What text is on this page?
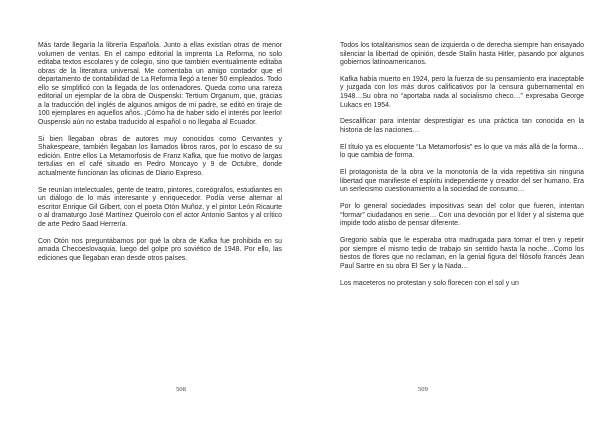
Más tarde llegaría la librería Española. Junto a ellas existían otras de menor volumen de ventas. En el campo editorial la imprenta La Reforma, no solo editaba textos escolares y de colegio, sino que también eventualmente editaba obras de la literatura universal. Me comentaba un amigo contador que el departamento de contabilidad de La Reforma llegó a tener 50 empleados. Todo ello se simplificó con la llegada de los ordenadores. Queda como una rareza editorial un ejemplar de la obra de Ouspenski: Tertium Organum, que, gracias a la traducción del inglés de algunos amigos de mi padre, se editó en tiraje de 100 ejemplares en aquellos años. ¡Cómo ha de haber sido el interés por leerlo! Ouspenski aún no estaba traducido al español o no llegaba al Ecuador.

Si bien llegaban obras de autores muy conocidos como Cervantes y Shakespeare, también llegaban los llamados libros raros, por lo escaso de su edición. Entre ellos La Metamorfosis de Franz Kafka, que fue motivo de largas tertulias en el café situado en Pedro Moncayo y 9 de Octubre, donde actualmente funcionan las oficinas de Diario Expreso.

Se reunían intelectuales, gente de teatro, pintores, coreógrafos, estudiantes en un diálogo de lo más interesante y enriquecedor. Podía verse alternar al escritor Enrique Gil Gilbert, con el poeta Otón Muñoz, y el pintor León Ricaurte o al dramaturgo José Martínez Queirolo con el actor Antonio Santos y al crítico de arte Pedro Saad Herrería.

Con Otón nos preguntábamos por qué la obra de Kafka fue prohibida en su amada Checoeslovaquia, luego del golpe pro soviético de 1948. Por ello, las ediciones que llegaban eran desde otros países.

508

Todos los totalitarismos sean de izquierda o de derecha siempre han ensayado silenciar la libertad de opinión, desde Stalin hasta Hitler, pasando por algunos gobiernos latinoamericanos.

Kafka había muerto en 1924, pero la fuerza de su pensamiento era inaceptable y juzgada con los más duros calificativos por la censura gubernamental en 1948…Su obra no “aportaba nada al socialismo checo…” expresaba George Lukacs en 1954.

Descalificar para intentar desprestigiar es una práctica tan conocida en la historia de las naciones…

El título ya es elocuente “La Metamorfosis” es lo que va más allá de la forma…lo que cambia de forma.

El protagonista de la obra ve la monotonía de la vida repetitiva sin ninguna libertad que manifieste el espíritu independiente y creador del ser humano. Era un serlecismo cuestionamiento a la sociedad de consumo…

Por lo general sociedades impositivas sean del color que fueren, intentan “formar” ciudadanos en serie… Con una devoción por el líder y al sistema que impide todo atisbo de pensar diferente.

Gregorio sabía que le esperaba otra madrugada para tomar el tren y repetir por siempre el mismo tedio de trabajo sin sentido hasta la noche…Como los tiestos de flores que no reclaman, en la genial figura del filósofo francés Jean Paul Sartre en su obra El Ser y la Nada…

Los maceteros no protestan y solo florecen con el sol y un

509
